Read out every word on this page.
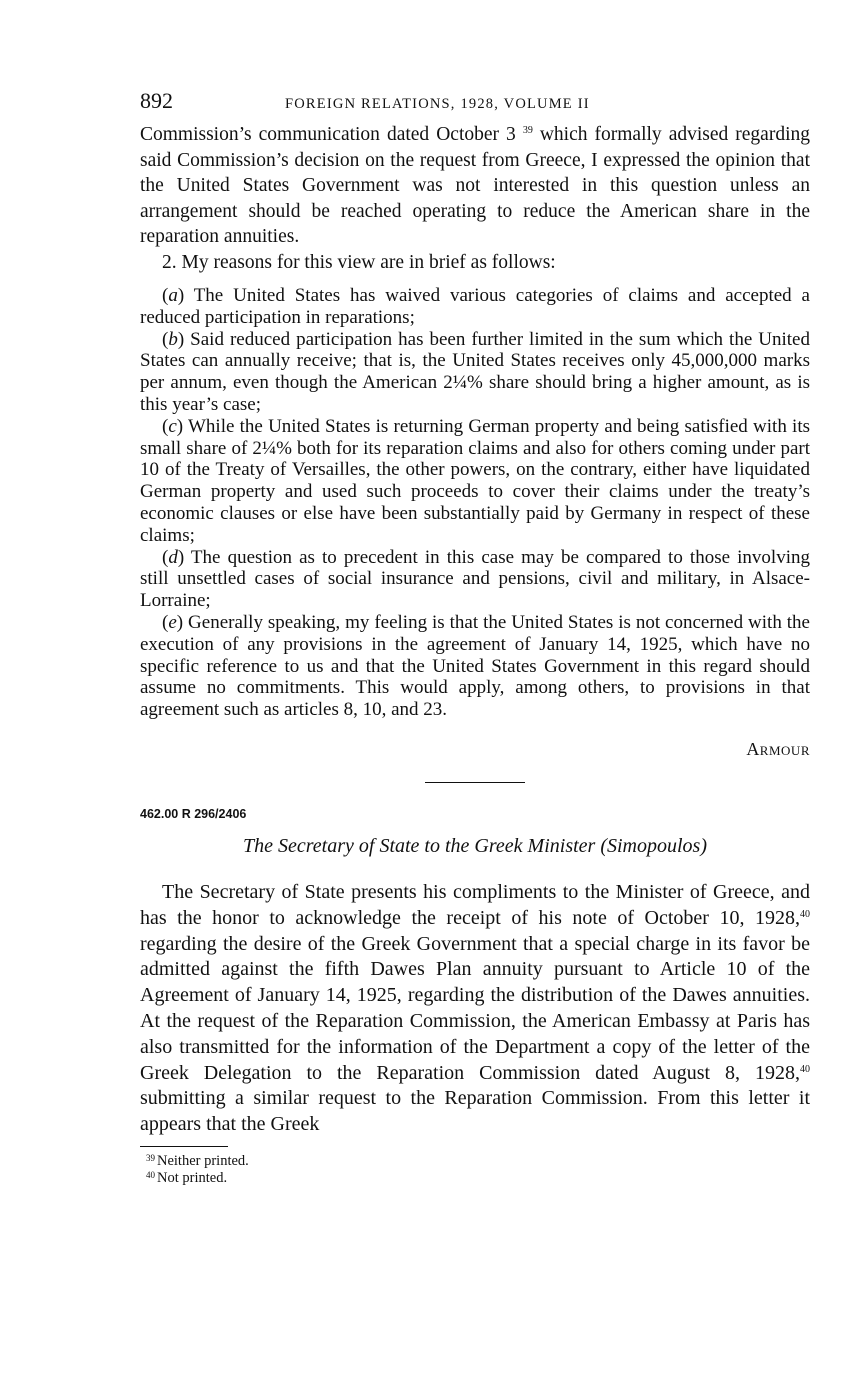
892	FOREIGN RELATIONS, 1928, VOLUME II

Commission’s communication dated October 3 $^{39}$ which formally advised regarding said Commission’s decision on the request from Greece, I expressed the opinion that the United States Government was not interested in this question unless an arrangement should be reached operating to reduce the American share in the reparation annuities.

2. My reasons for this view are in brief as follows:

(a) The United States has waived various categories of claims and accepted a reduced participation in reparations;

(b) Said reduced participation has been further limited in the sum which the United States can annually receive; that is, the United States receives only 45,000,000 marks per annum, even though the American 2¼% share should bring a higher amount, as is this year’s case;

(c) While the United States is returning German property and being satisfied with its small share of 2¼% both for its reparation claims and also for others coming under part 10 of the Treaty of Versailles, the other powers, on the contrary, either have liquidated German property and used such proceeds to cover their claims under the treaty’s economic clauses or else have been substantially paid by Germany in respect of these claims;

(d) The question as to precedent in this case may be compared to those involving still unsettled cases of social insurance and pensions, civil and military, in Alsace-Lorraine;

(e) Generally speaking, my feeling is that the United States is not concerned with the execution of any provisions in the agreement of January 14, 1925, which have no specific reference to us and that the United States Government in this regard should assume no commitments. This would apply, among others, to provisions in that agreement such as articles 8, 10, and 23.

Armour
462.00 R 296/2406
The Secretary of State to the Greek Minister (Simopoulos)

The Secretary of State presents his compliments to the Minister of Greece, and has the honor to acknowledge the receipt of his note of October 10, 1928,40 regarding the desire of the Greek Government that a special charge in its favor be admitted against the fifth Dawes Plan annuity pursuant to Article 10 of the Agreement of January 14, 1925, regarding the distribution of the Dawes annuities. At the request of the Reparation Commission, the American Embassy at Paris has also transmitted for the information of the Department a copy of the letter of the Greek Delegation to the Reparation Commission dated August 8, 1928,40 submitting a similar request to the Reparation Commission. From this letter it appears that the Greek

$^{39}$ Neither printed.

$^{40}$ Not printed.
